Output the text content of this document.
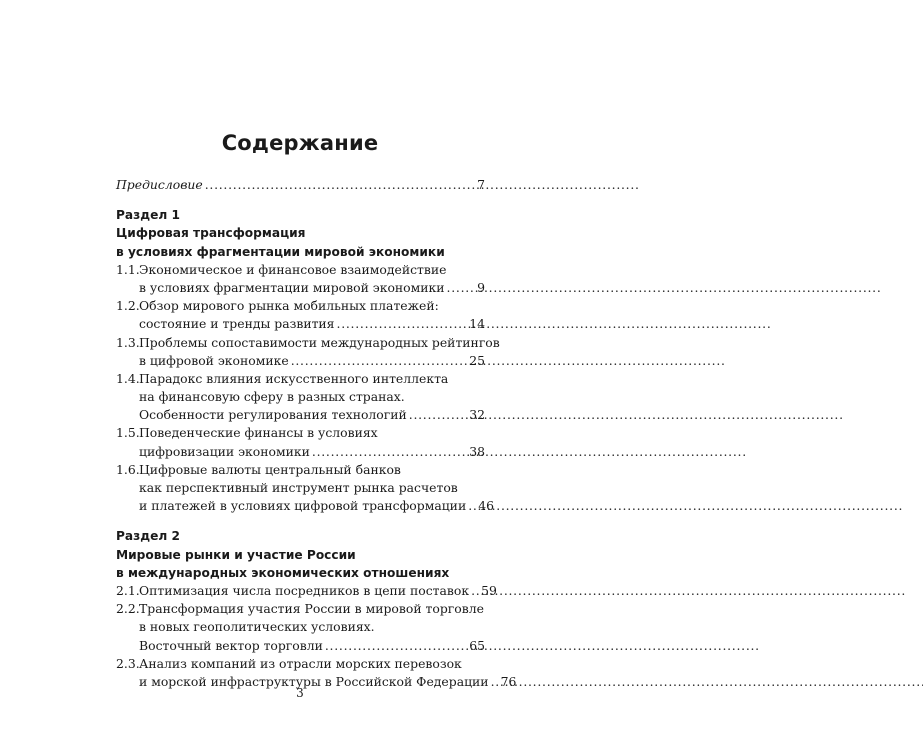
Содержание
Предисловие . . .	7
Раздел 1
Цифровая трансформация
в условиях фрагментации мировой экономики
1.1. Экономическое и финансовое взаимодействие
в условиях фрагментации мировой экономики . . .	9
1.2. Обзор мирового рынка мобильных платежей:
состояние и тренды развития . . .	14
1.3. Проблемы сопоставимости международных рейтингов
в цифровой экономике . . .	25
1.4. Парадокс влияния искусственного интеллекта
на финансовую сферу в разных странах.
Особенности регулирования технологий . . .	32
1.5. Поведенческие финансы в условиях
цифровизации экономики . . .	38
1.6. Цифровые валюты центральный банков
как перспективный инструмент рынка расчетов
и платежей в условиях цифровой трансформации . . . 46
Раздел 2
Мировые рынки и участие России
в международных экономических отношениях
2.1. Оптимизация числа посредников в цепи поставок . . . 59
2.2. Трансформация участия России в мировой торговле
в новых геополитических условиях.
Восточный вектор торговли . . .	65
2.3. Анализ компаний из отрасли морских перевозок
и морской инфраструктуры в Российской Федерации . . . 76
3
